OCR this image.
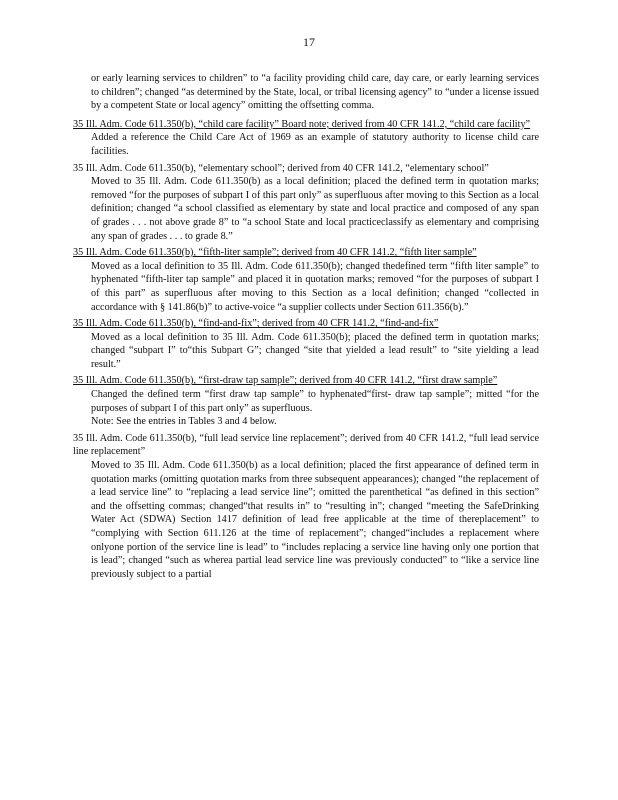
17
or early learning services to children” to “a facility providing child care, day care, or early learning services to children”; changed “as determined by the State, local, or tribal licensing agency” to “under a license issued by a competent State or local agency” omitting the offsetting comma.
35 Ill. Adm. Code 611.350(b), “child care facility” Board note; derived from 40 CFR 141.2, “child care facility”
Added a reference the Child Care Act of 1969 as an example of statutory authority to license child care facilities.
35 Ill. Adm. Code 611.350(b), “elementary school”; derived from 40 CFR 141.2, “elementary school”
Moved to 35 Ill. Adm. Code 611.350(b) as a local definition; placed the defined term in quotation marks; removed “for the purposes of subpart I of this part only” as superfluous after moving to this Section as a local definition; changed “a school classified as elementary by state and local practice and composed of any span of grades . . . not above grade 8” to “a school State and local practiceclassify as elementary and comprising any span of grades . . . to grade 8.”
35 Ill. Adm. Code 611.350(b), “fifth-liter sample”; derived from 40 CFR 141.2, “fifth liter sample”
Moved as a local definition to 35 Ill. Adm. Code 611.350(b); changed thedefined term “fifth liter sample” to hyphenated “fifth-liter tap sample” and placed it in quotation marks; removed “for the purposes of subpart I of this part” as superfluous after moving to this Section as a local definition; changed “collected in accordance with § 141.86(b)” to active-voice “a supplier collects under Section 611.356(b).”
35 Ill. Adm. Code 611.350(b), “find-and-fix”; derived from 40 CFR 141.2, “find-and-fix”
Moved as a local definition to 35 Ill. Adm. Code 611.350(b); placed the defined term in quotation marks; changed “subpart I” to“this Subpart G”; changed “site that yielded a lead result” to “site yielding a lead result.”
35 Ill. Adm. Code 611.350(b), “first-draw tap sample”; derived from 40 CFR 141.2, “first draw sample”
Changed the defined term “first draw tap sample” to hyphenated“first- draw tap sample”; mitted “for the purposes of subpart I of this part only” as superfluous.
Note: See the entries in Tables 3 and 4 below.
35 Ill. Adm. Code 611.350(b), “full lead service line replacement”; derived from 40 CFR 141.2, “full lead service line replacement”
Moved to 35 Ill. Adm. Code 611.350(b) as a local definition; placed the first appearance of defined term in quotation marks (omitting quotation marks from three subsequent appearances); changed “the replacement of a lead service line” to “replacing a lead service line”; omitted the parenthetical “as defined in this section” and the offsetting commas; changed“that results in” to “resulting in”; changed “meeting the SafeDrinking Water Act (SDWA) Section 1417 definition of lead free applicable at the time of thereplacement” to “complying with Section 611.126 at the time of replacement”; changed“includes a replacement where onlyone portion of the service line is lead” to “includes replacing a service line having only one portion that is lead”; changed “such as wherea partial lead service line was previously conducted” to “like a service line previously subject to a partial
